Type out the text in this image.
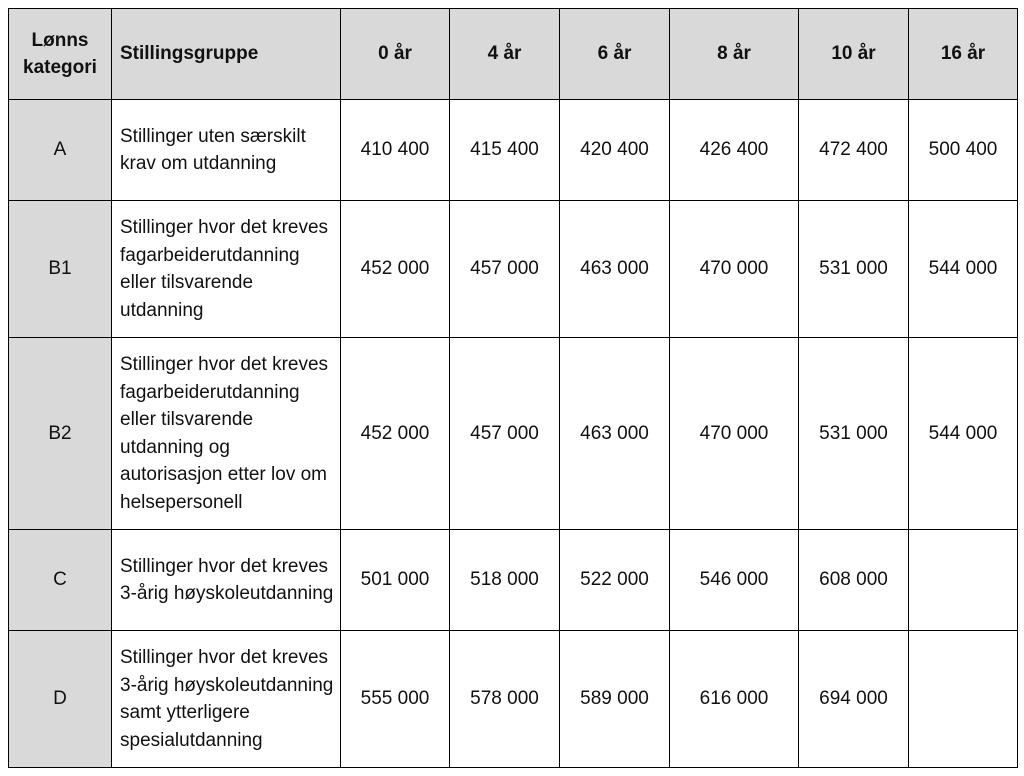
Lønns
kategori	Stillingsgruppe	0 år	4 år	6 år	8 år	10 år	16 år
A	Stillinger uten særskilt krav om utdanning	410 400	415 400	420 400	426 400	472 400	500 400
B1	Stillinger hvor det kreves fagarbeiderutdanning eller tilsvarende utdanning	452 000	457 000	463 000	470 000	531 000	544 000
B2	Stillinger hvor det kreves fagarbeiderutdanning eller tilsvarende utdanning og autorisasjon etter lov om helsepersonell	452 000	457 000	463 000	470 000	531 000	544 000
C	Stillinger hvor det kreves 3-årig høyskoleutdanning	501 000	518 000	522 000	546 000	608 000	
D	Stillinger hvor det kreves 3-årig høyskoleutdanning samt ytterligere spesialutdanning	555 000	578 000	589 000	616 000	694 000	
